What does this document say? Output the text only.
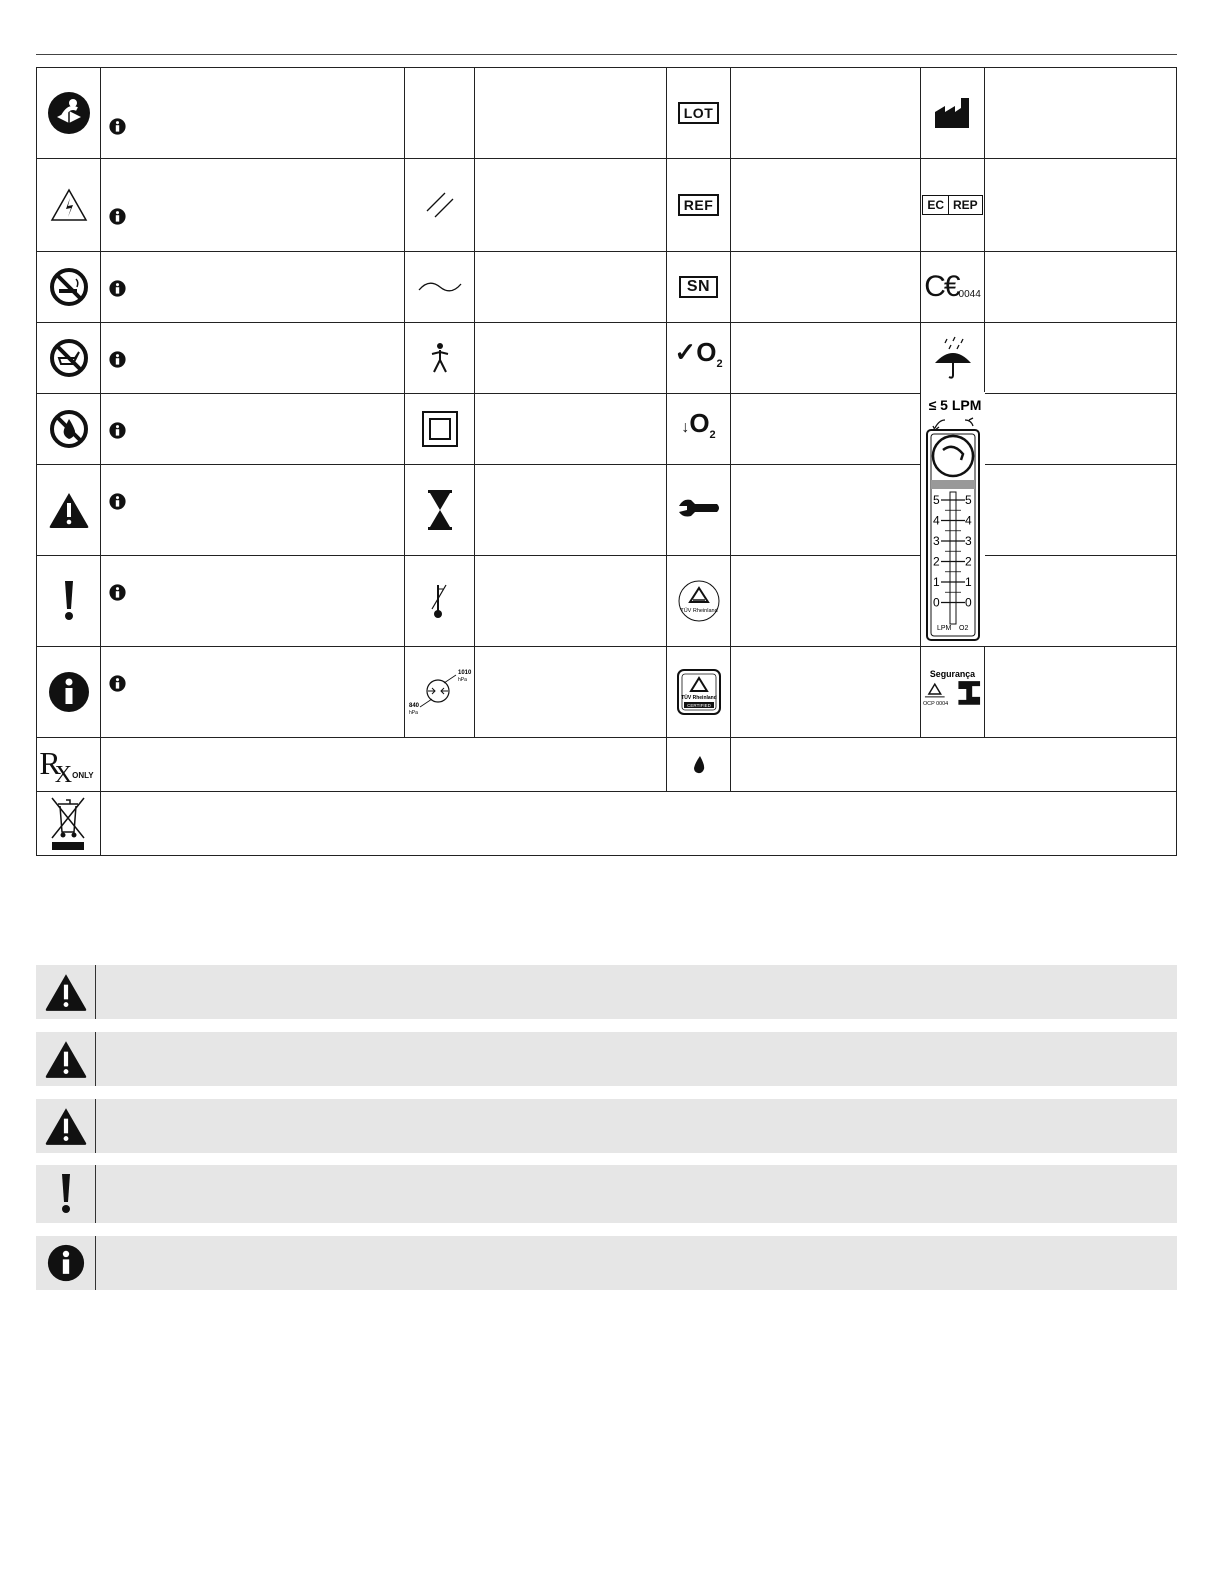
LOT
REF	EC REP
SN	C€ 0044
$✓O_2$
$↓O_2$
TÜV Rheinland
1010
hPa
840
hPa
TÜV Rheinland
CERTIFIED
Segurança
OCP 0004
$R_X$ ONLY
≤ 5 LPM
5 5
4 4
3 3
2 2
1 1
0 0
LPM O2
